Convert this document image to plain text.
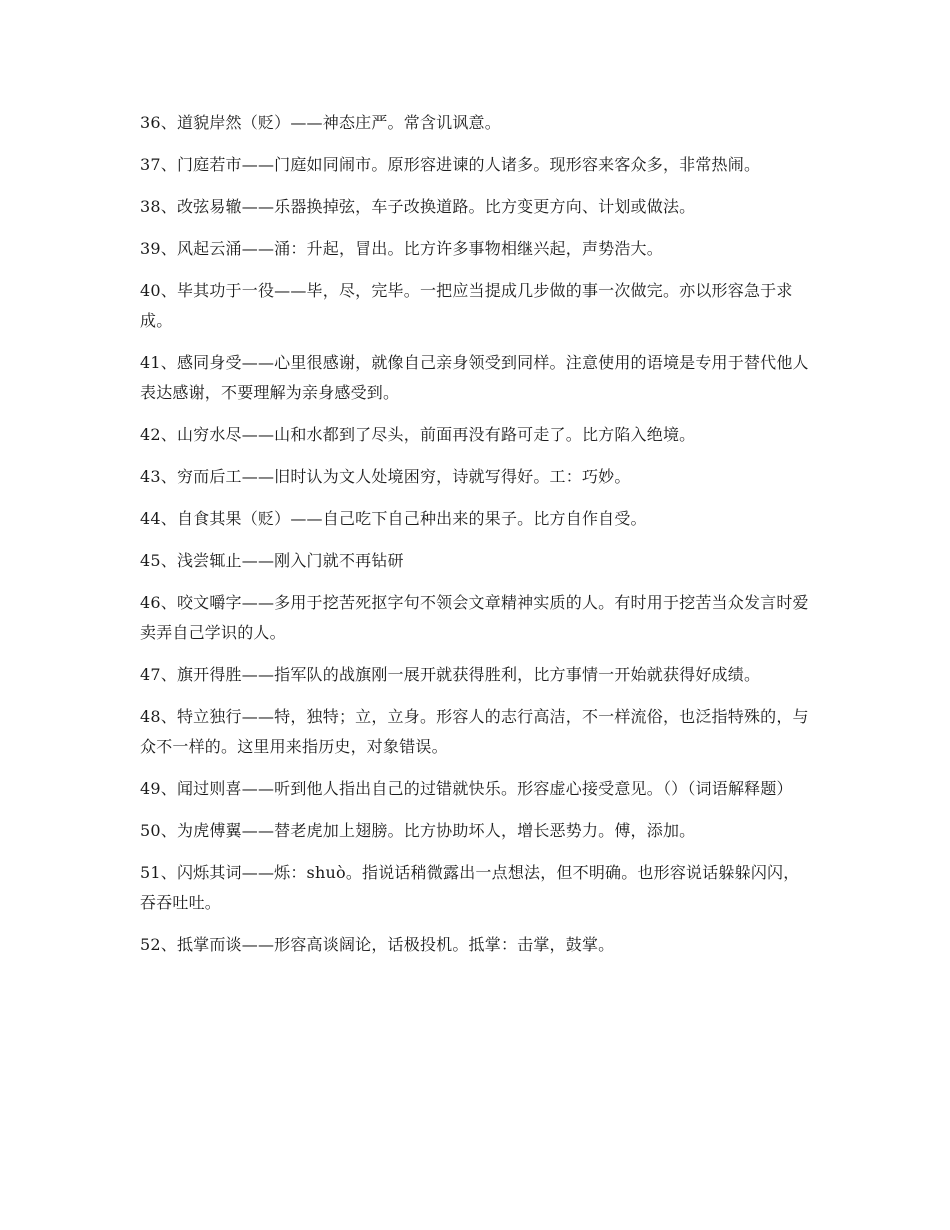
36、道貌岸然（贬）——神态庄严。常含讥讽意。

37、门庭若市——门庭如同闹市。原形容进谏的人诸多。现形容来客众多，非常热闹。

38、改弦易辙——乐器换掉弦，车子改换道路。比方变更方向、计划或做法。

39、风起云涌——涌：升起，冒出。比方许多事物相继兴起，声势浩大。

40、毕其功于一役——毕，尽，完毕。一把应当提成几步做的事一次做完。亦以形容急于求成。

41、感同身受——心里很感谢，就像自己亲身领受到同样。注意使用的语境是专用于替代他人表达感谢，不要理解为亲身感受到。

42、山穷水尽——山和水都到了尽头，前面再没有路可走了。比方陷入绝境。

43、穷而后工——旧时认为文人处境困穷，诗就写得好。工：巧妙。

44、自食其果（贬）——自己吃下自己种出来的果子。比方自作自受。

45、浅尝辄止——刚入门就不再钻研

46、咬文嚼字——多用于挖苦死抠字句不领会文章精神实质的人。有时用于挖苦当众发言时爱卖弄自己学识的人。

47、旗开得胜——指军队的战旗刚一展开就获得胜利，比方事情一开始就获得好成绩。

48、特立独行——特，独特；立，立身。形容人的志行高洁，不一样流俗，也泛指特殊的，与众不一样的。这里用来指历史，对象错误。

49、闻过则喜——听到他人指出自己的过错就快乐。形容虚心接受意见。（）（词语解释题）

50、为虎傅翼——替老虎加上翅膀。比方协助坏人，增长恶势力。傅，添加。

51、闪烁其词——烁：shuò。指说话稍微露出一点想法，但不明确。也形容说话躲躲闪闪，吞吞吐吐。

52、抵掌而谈——形容高谈阔论，话极投机。抵掌：击掌，鼓掌。
